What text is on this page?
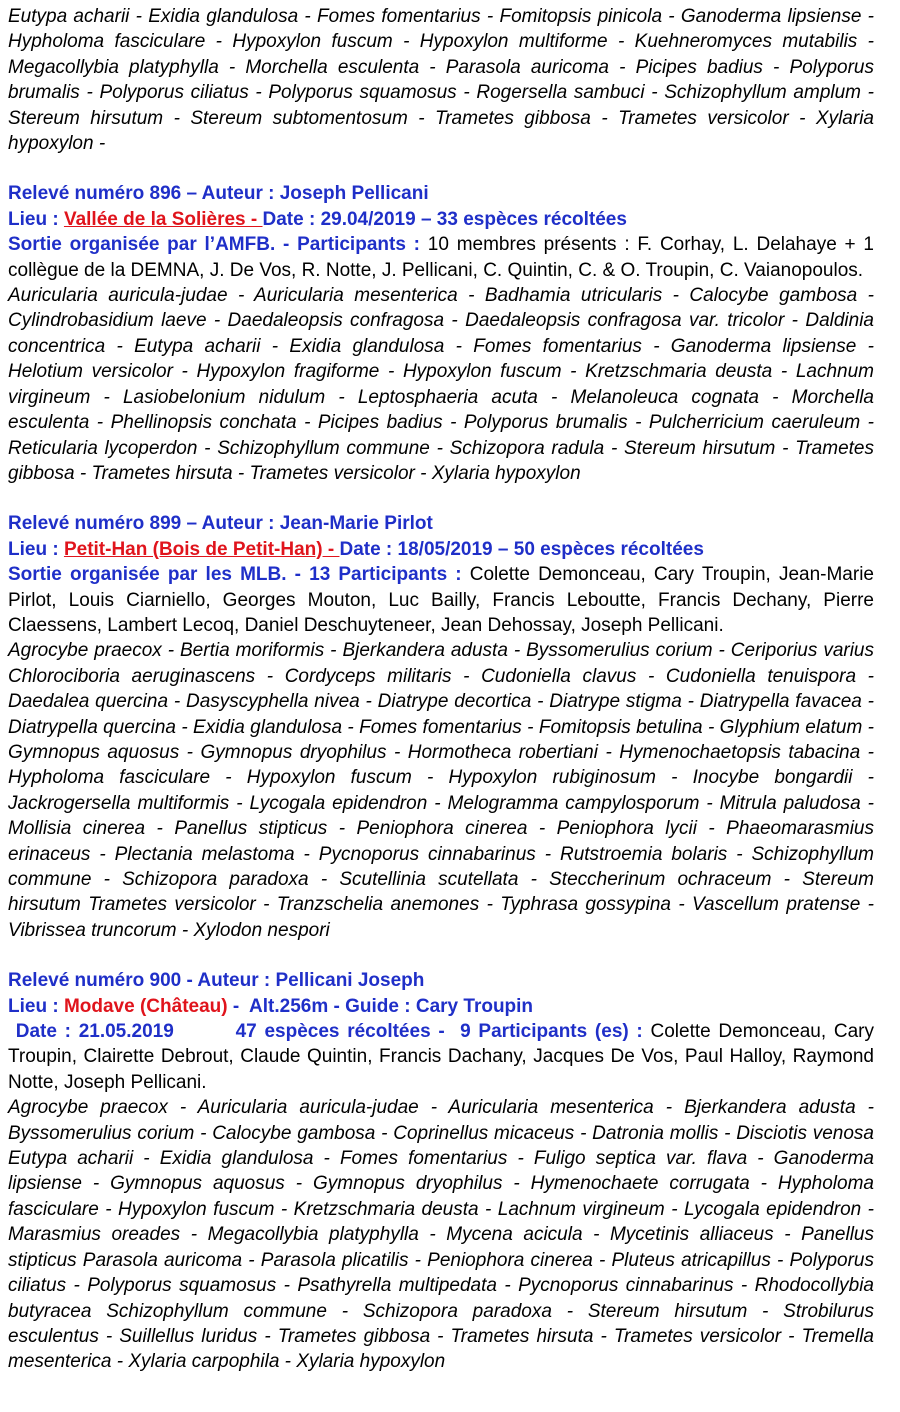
Eutypa acharii - Exidia glandulosa - Fomes fomentarius - Fomitopsis pinicola - Ganoderma lipsiense - Hypholoma fasciculare - Hypoxylon fuscum - Hypoxylon multiforme - Kuehneromyces mutabilis - Megacollybia platyphylla - Morchella esculenta - Parasola auricoma - Picipes badius - Polyporus brumalis - Polyporus ciliatus - Polyporus squamosus - Rogersella sambuci - Schizophyllum amplum - Stereum hirsutum - Stereum subtomentosum - Trametes gibbosa - Trametes versicolor - Xylaria hypoxylon -

Relevé numéro 896 – Auteur : Joseph Pellicani

Lieu : Vallée de la Solières - Date : 29.04/2019 – 33 espèces récoltées

Sortie organisée par l’AMFB. - Participants : 10 membres présents : F. Corhay, L. Delahaye + 1 collègue de la DEMNA, J. De Vos, R. Notte, J. Pellicani, C. Quintin, C. & O. Troupin, C. Vaianopoulos.

Auricularia auricula-judae - Auricularia mesenterica - Badhamia utricularis - Calocybe gambosa - Cylindrobasidium laeve - Daedaleopsis confragosa - Daedaleopsis confragosa var. tricolor - Daldinia concentrica - Eutypa acharii - Exidia glandulosa - Fomes fomentarius - Ganoderma lipsiense - Helotium versicolor - Hypoxylon fragiforme - Hypoxylon fuscum - Kretzschmaria deusta - Lachnum virgineum - Lasiobelonium nidulum - Leptosphaeria acuta - Melanoleuca cognata - Morchella esculenta - Phellinopsis conchata - Picipes badius - Polyporus brumalis - Pulcherricium caeruleum - Reticularia lycoperdon - Schizophyllum commune - Schizopora radula - Stereum hirsutum - Trametes gibbosa - Trametes hirsuta - Trametes versicolor - Xylaria hypoxylon

Relevé numéro 899 – Auteur : Jean-Marie Pirlot

Lieu : Petit-Han (Bois de Petit-Han) - Date : 18/05/2019 – 50 espèces récoltées

Sortie organisée par les MLB. - 13 Participants : Colette Demonceau, Cary Troupin, Jean-Marie Pirlot, Louis Ciarniello, Georges Mouton, Luc Bailly, Francis Leboutte, Francis Dechany, Pierre Claessens, Lambert Lecoq, Daniel Deschuyteneer, Jean Dehossay, Joseph Pellicani.

Agrocybe praecox - Bertia moriformis - Bjerkandera adusta - Byssomerulius corium - Ceriporius varius Chlorociboria aeruginascens - Cordyceps militaris - Cudoniella clavus - Cudoniella tenuispora - Daedalea quercina - Dasyscyphella nivea - Diatrype decortica - Diatrype stigma - Diatrypella favacea - Diatrypella quercina - Exidia glandulosa - Fomes fomentarius - Fomitopsis betulina - Glyphium elatum - Gymnopus aquosus - Gymnopus dryophilus - Hormotheca robertiani - Hymenochaetopsis tabacina - Hypholoma fasciculare - Hypoxylon fuscum - Hypoxylon rubiginosum - Inocybe bongardii - Jackrogersella multiformis - Lycogala epidendron - Melogramma campylosporum - Mitrula paludosa - Mollisia cinerea - Panellus stipticus - Peniophora cinerea - Peniophora lycii - Phaeomarasmius erinaceus - Plectania melastoma - Pycnoporus cinnabarinus - Rutstroemia bolaris - Schizophyllum commune - Schizopora paradoxa - Scutellinia scutellata - Steccherinum ochraceum - Stereum hirsutum Trametes versicolor - Tranzschelia anemones - Typhrasa gossypina - Vascellum pratense - Vibrissea truncorum - Xylodon nespori

Relevé numéro 900 - Auteur : Pellicani Joseph

Lieu : Modave (Château) -  Alt.256m - Guide : Cary Troupin

Date : 21.05.2019        47 espèces récoltées -  9 Participants (es) : Colette Demonceau, Cary Troupin, Clairette Debrout, Claude Quintin, Francis Dachany, Jacques De Vos, Paul Halloy, Raymond Notte, Joseph Pellicani.

Agrocybe praecox - Auricularia auricula-judae - Auricularia mesenterica - Bjerkandera adusta - Byssomerulius corium - Calocybe gambosa - Coprinellus micaceus - Datronia mollis - Disciotis venosa Eutypa acharii - Exidia glandulosa - Fomes fomentarius - Fuligo septica var. flava - Ganoderma lipsiense - Gymnopus aquosus - Gymnopus dryophilus - Hymenochaete corrugata - Hypholoma fasciculare - Hypoxylon fuscum - Kretzschmaria deusta - Lachnum virgineum - Lycogala epidendron - Marasmius oreades - Megacollybia platyphylla - Mycena acicula - Mycetinis alliaceus - Panellus stipticus Parasola auricoma - Parasola plicatilis - Peniophora cinerea - Pluteus atricapillus - Polyporus ciliatus - Polyporus squamosus - Psathyrella multipedata - Pycnoporus cinnabarinus - Rhodocollybia butyracea Schizophyllum commune - Schizopora paradoxa - Stereum hirsutum - Strobilurus esculentus - Suillellus luridus - Trametes gibbosa - Trametes hirsuta - Trametes versicolor - Tremella mesenterica - Xylaria carpophila - Xylaria hypoxylon
